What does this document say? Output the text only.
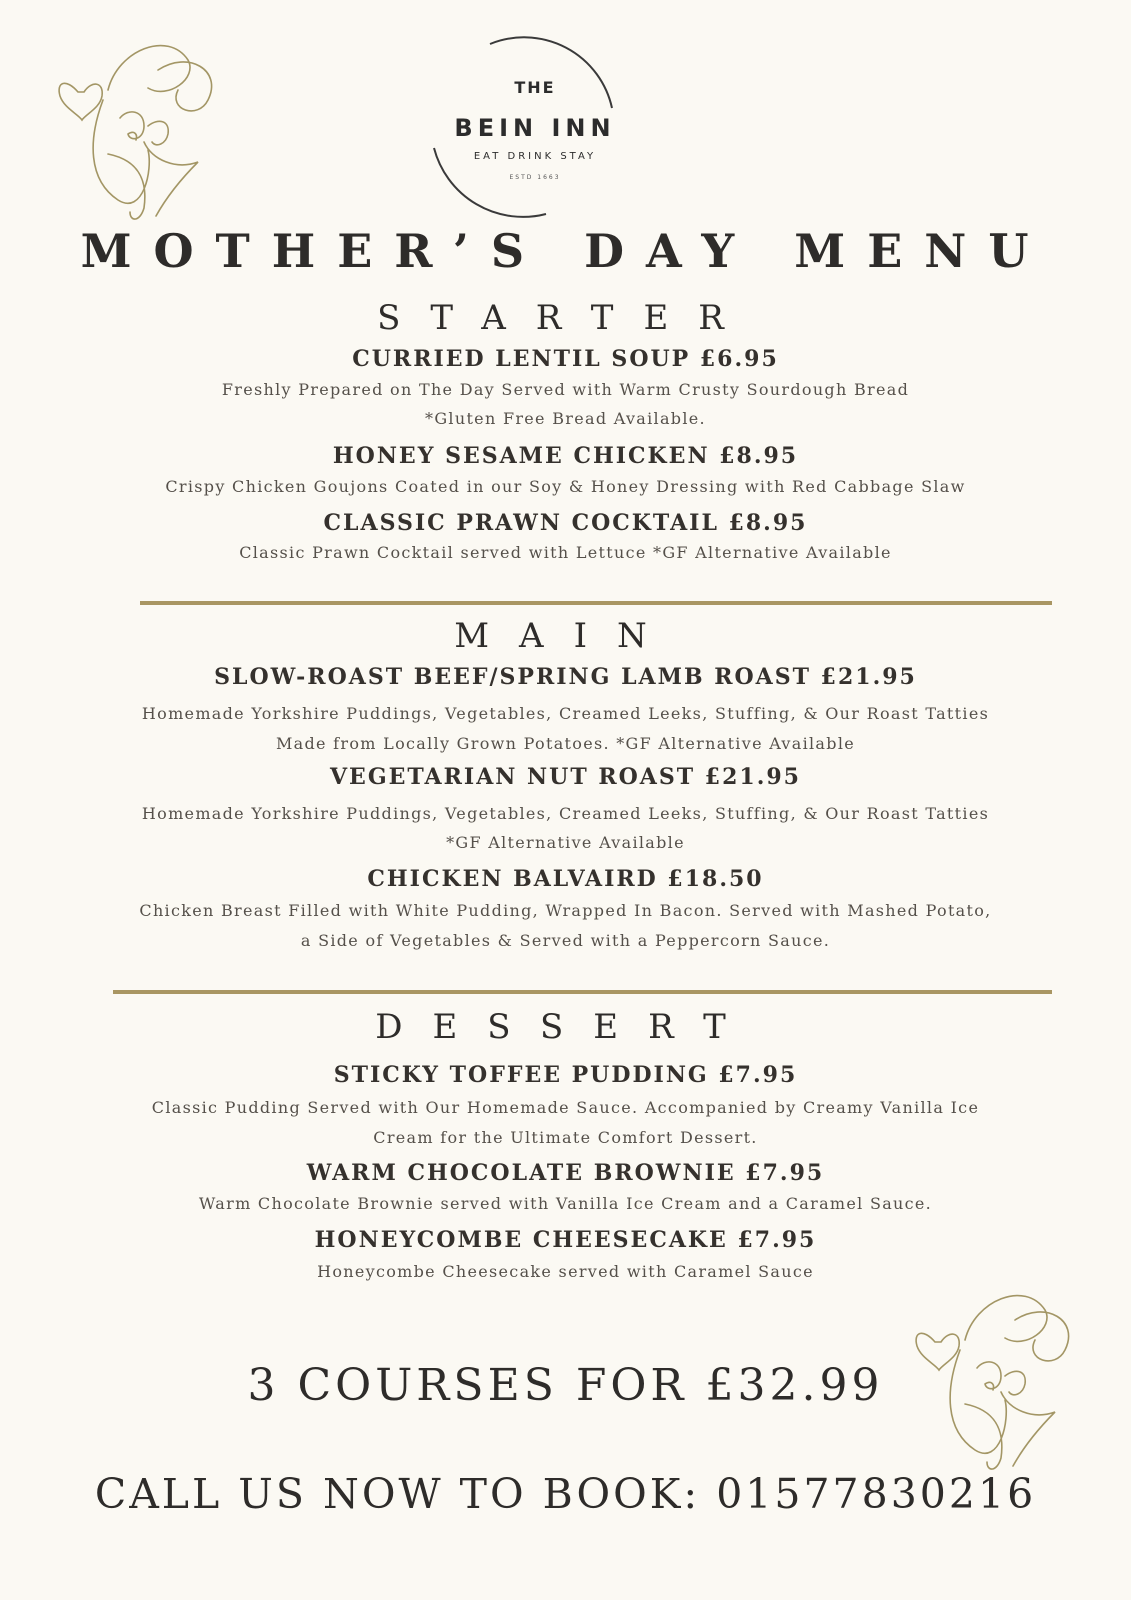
THE
BEIN INN
EAT DRINK STAY
ESTD 1663
MOTHER’S DAY MENU
STARTER
CURRIED LENTIL SOUP £6.95
Freshly Prepared on The Day Served with Warm Crusty Sourdough Bread
*Gluten Free Bread Available.
HONEY SESAME CHICKEN £8.95
Crispy Chicken Goujons Coated in our Soy & Honey Dressing with Red Cabbage Slaw
CLASSIC PRAWN COCKTAIL £8.95
Classic Prawn Cocktail served with Lettuce *GF Alternative Available
MAIN
SLOW-ROAST BEEF/SPRING LAMB ROAST £21.95
Homemade Yorkshire Puddings, Vegetables, Creamed Leeks, Stuffing, & Our Roast Tatties
Made from Locally Grown Potatoes. *GF Alternative Available
VEGETARIAN NUT ROAST £21.95
Homemade Yorkshire Puddings, Vegetables, Creamed Leeks, Stuffing, & Our Roast Tatties
*GF Alternative Available
CHICKEN BALVAIRD £18.50
Chicken Breast Filled with White Pudding, Wrapped In Bacon. Served with Mashed Potato,
a Side of Vegetables & Served with a Peppercorn Sauce.
DESSERT
STICKY TOFFEE PUDDING £7.95
Classic Pudding Served with Our Homemade Sauce. Accompanied by Creamy Vanilla Ice
Cream for the Ultimate Comfort Dessert.
WARM CHOCOLATE BROWNIE £7.95
Warm Chocolate Brownie served with Vanilla Ice Cream and a Caramel Sauce.
HONEYCOMBE CHEESECAKE £7.95
Honeycombe Cheesecake served with Caramel Sauce
3 COURSES FOR £32.99
CALL US NOW TO BOOK: 01577830216
